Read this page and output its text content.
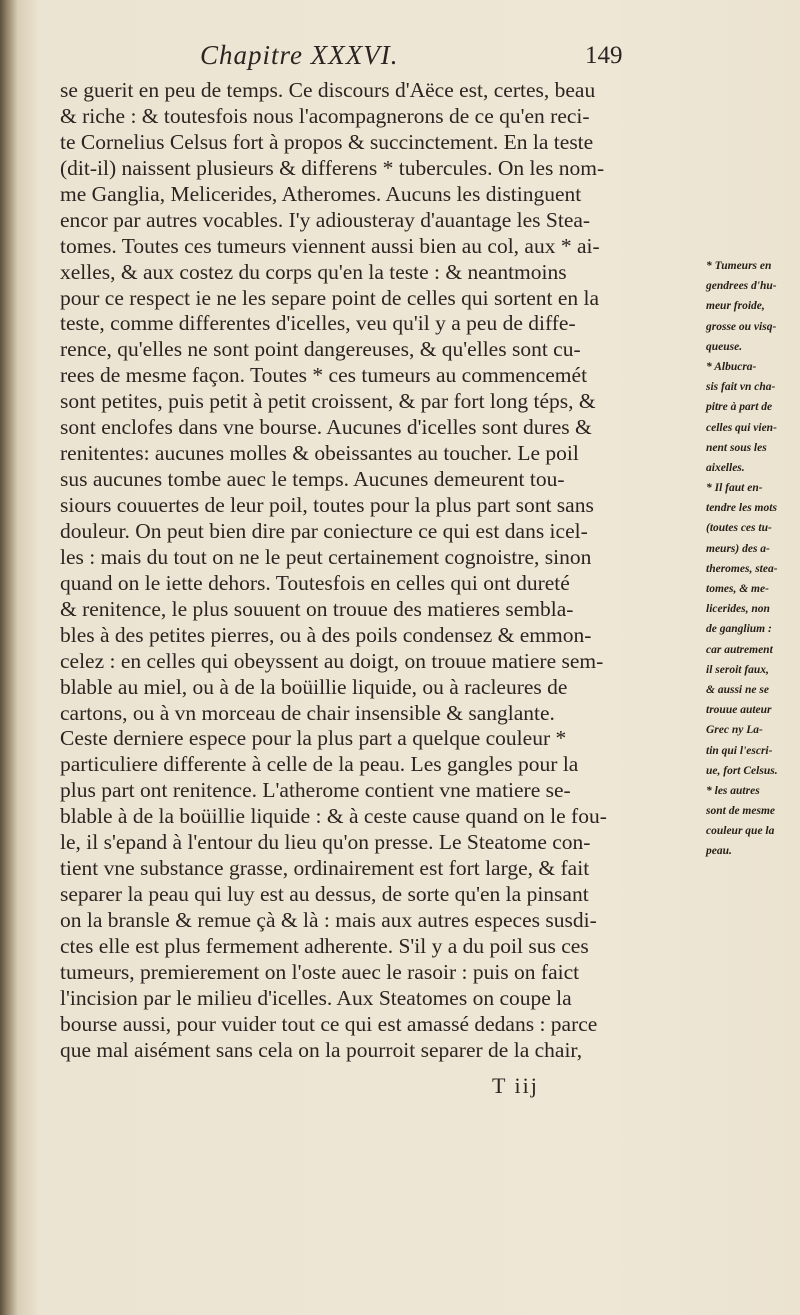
Chapitre XXXVI.	149
se guerit en peu de temps. Ce discours d'Aëce est, certes, beau
& riche : & toutesfois nous l'acompagnerons de ce qu'en reci-
te Cornelius Celsus fort à propos & succinctement. En la teste
(dit-il) naissent plusieurs & differens * tubercules. On les nom-
me Ganglia, Melicerides, Atheromes. Aucuns les distinguent
encor par autres vocables. I'y adiousteray d'auantage les Stea-
tomes. Toutes ces tumeurs viennent aussi bien au col, aux * ai-
xelles, & aux costez du corps qu'en la teste : & neantmoins
pour ce respect ie ne les separe point de celles qui sortent en la
teste, comme differentes d'icelles, veu qu'il y a peu de diffe-
rence, qu'elles ne sont point dangereuses, & qu'elles sont cu-
rees de mesme façon. Toutes * ces tumeurs au commencemét
sont petites, puis petit à petit croissent, & par fort long téps, &
sont enclofes dans vne bourse. Aucunes d'icelles sont dures &
renitentes: aucunes molles & obeissantes au toucher. Le poil
sus aucunes tombe auec le temps. Aucunes demeurent tou-
siours couuertes de leur poil, toutes pour la plus part sont sans
douleur. On peut bien dire par coniecture ce qui est dans icel-
les : mais du tout on ne le peut certainement cognoistre, sinon
quand on le iette dehors. Toutesfois en celles qui ont dureté
& renitence, le plus souuent on trouue des matieres sembla-
bles à des petites pierres, ou à des poils condensez & emmon-
celez : en celles qui obeyssent au doigt, on trouue matiere sem-
blable au miel, ou à de la boüillie liquide, ou à racleures de
cartons, ou à vn morceau de chair insensible & sanglante.
Ceste derniere espece pour la plus part a quelque couleur *
particuliere differente à celle de la peau. Les gangles pour la
plus part ont renitence. L'atherome contient vne matiere se-
blable à de la boüillie liquide : & à ceste cause quand on le fou-
le, il s'epand à l'entour du lieu qu'on presse. Le Steatome con-
tient vne substance grasse, ordinairement est fort large, & fait
separer la peau qui luy est au dessus, de sorte qu'en la pinsant
on la bransle & remue çà & là : mais aux autres especes susdi-
ctes elle est plus fermement adherente. S'il y a du poil sus ces
tumeurs, premierement on l'oste auec le rasoir : puis on faict
l'incision par le milieu d'icelles. Aux Steatomes on coupe la
bourse aussi, pour vuider tout ce qui est amassé dedans : parce
que mal aisément sans cela on la pourroit separer de la chair,
* Tumeurs en
gendrees d'hu-
meur froide,
grosse ou visq-
queuse.
* Albucra-
sis fait vn cha-
pitre à part de
celles qui vien-
nent sous les
aixelles.
* Il faut en-
tendre les mots
(toutes ces tu-
meurs) des a-
theromes, stea-
tomes, & me-
licerides, non
de ganglium :
car autrement
il seroit faux,
& aussi ne se
trouue auteur
Grec ny La-
tin qui l'escri-
ue, fort Celsus.
* les autres
sont de mesme
couleur que la
peau.
T iij
